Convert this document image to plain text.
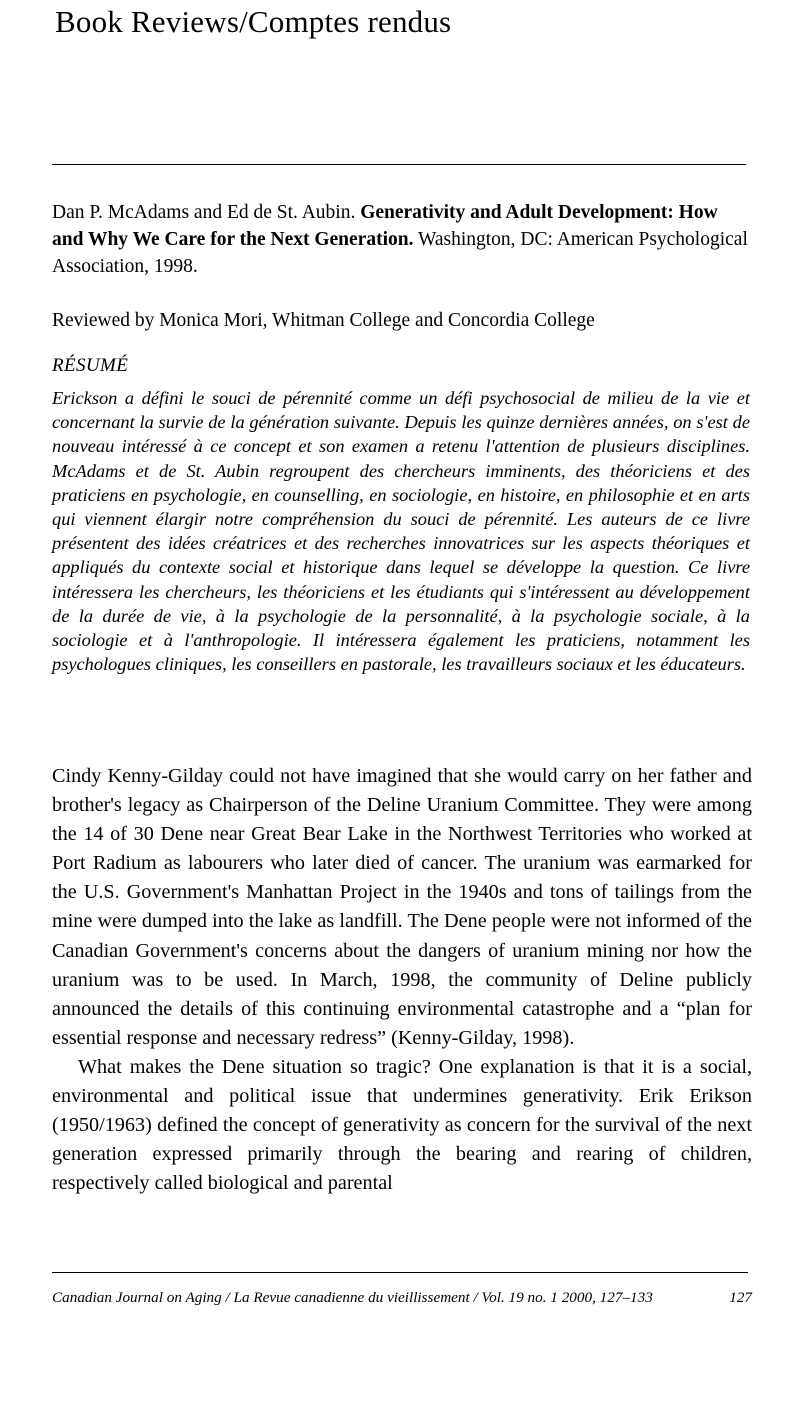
Book Reviews/Comptes rendus
Dan P. McAdams and Ed de St. Aubin. Generativity and Adult Development: How and Why We Care for the Next Generation. Washington, DC: American Psychological Association, 1998.
Reviewed by Monica Mori, Whitman College and Concordia College
RÉSUMÉ

Erickson a défini le souci de pérennité comme un défi psychosocial de milieu de la vie et concernant la survie de la génération suivante. Depuis les quinze dernières années, on s'est de nouveau intéressé à ce concept et son examen a retenu l'attention de plusieurs disciplines. McAdams et de St. Aubin regroupent des chercheurs imminents, des théoriciens et des praticiens en psychologie, en counselling, en sociologie, en histoire, en philosophie et en arts qui viennent élargir notre compréhension du souci de pérennité. Les auteurs de ce livre présentent des idées créatrices et des recherches innovatrices sur les aspects théoriques et appliqués du contexte social et historique dans lequel se développe la question. Ce livre intéressera les chercheurs, les théoriciens et les étudiants qui s'intéressent au développement de la durée de vie, à la psychologie de la personnalité, à la psychologie sociale, à la sociologie et à l'anthropologie. Il intéressera également les praticiens, notamment les psychologues cliniques, les conseillers en pastorale, les travailleurs sociaux et les éducateurs.

Cindy Kenny-Gilday could not have imagined that she would carry on her father and brother's legacy as Chairperson of the Deline Uranium Committee. They were among the 14 of 30 Dene near Great Bear Lake in the Northwest Territories who worked at Port Radium as labourers who later died of cancer. The uranium was earmarked for the U.S. Government's Manhattan Project in the 1940s and tons of tailings from the mine were dumped into the lake as landfill. The Dene people were not informed of the Canadian Government's concerns about the dangers of uranium mining nor how the uranium was to be used. In March, 1998, the community of Deline publicly announced the details of this continuing environmental catastrophe and a “plan for essential response and necessary redress” (Kenny-Gilday, 1998).

What makes the Dene situation so tragic? One explanation is that it is a social, environmental and political issue that undermines generativity. Erik Erikson (1950/1963) defined the concept of generativity as concern for the survival of the next generation expressed primarily through the bearing and rearing of children, respectively called biological and parental

Canadian Journal on Aging / La Revue canadienne du vieillissement / Vol. 19 no. 1 2000, 127–133	127
